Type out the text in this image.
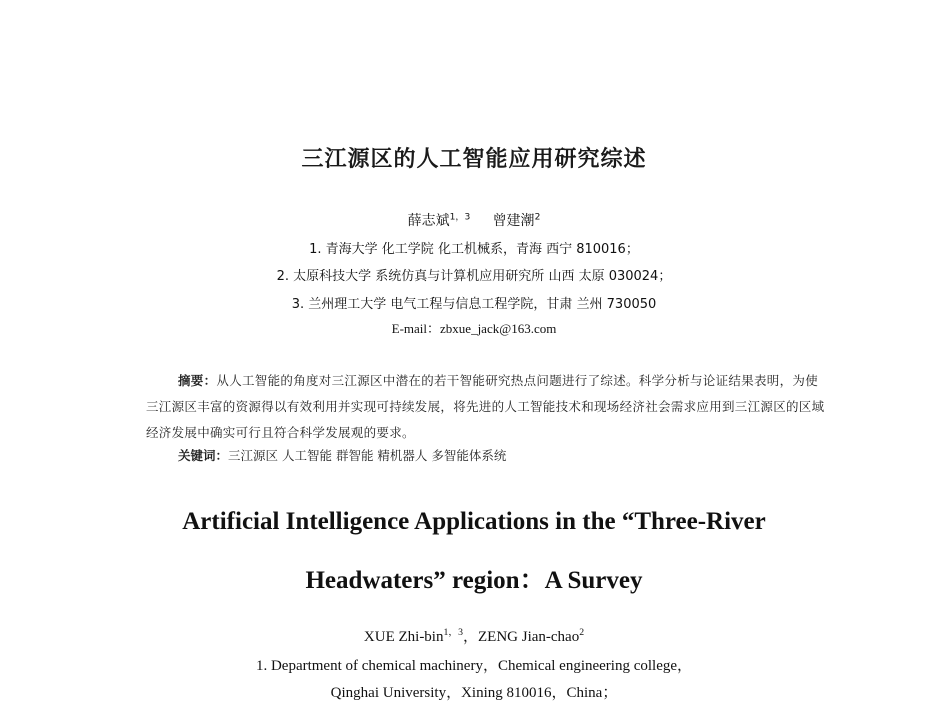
三江源区的人工智能应用研究综述
薛志斌$^{1,3}$ 曾建潮$^2$
1. 青海大学 化工学院 化工机械系，青海 西宁 810016；
2. 太原科技大学 系统仿真与计算机应用研究所 山西 太原 030024；
3. 兰州理工大学 电气工程与信息工程学院，甘肃 兰州 730050
E-mail：zbxue_jack@163.com
摘要：从人工智能的角度对三江源区中潜在的若干智能研究热点问题进行了综述。科学分析与论证结果表明，为使三江源区丰富的资源得以有效利用并实现可持续发展，将先进的人工智能技术和现场经济社会需求应用到三江源区的区域经济发展中确实可行且符合科学发展观的要求。
关键词：三江源区 人工智能 群智能 精机器人 多智能体系统
Artificial Intelligence Applications in the “Three-River
Headwaters” region：A Survey
XUE Zhi-bin$^{1,3}$，ZENG Jian-chao$^2$
1. Department of chemical machinery，Chemical engineering college，
Qinghai University，Xining 810016，China；
